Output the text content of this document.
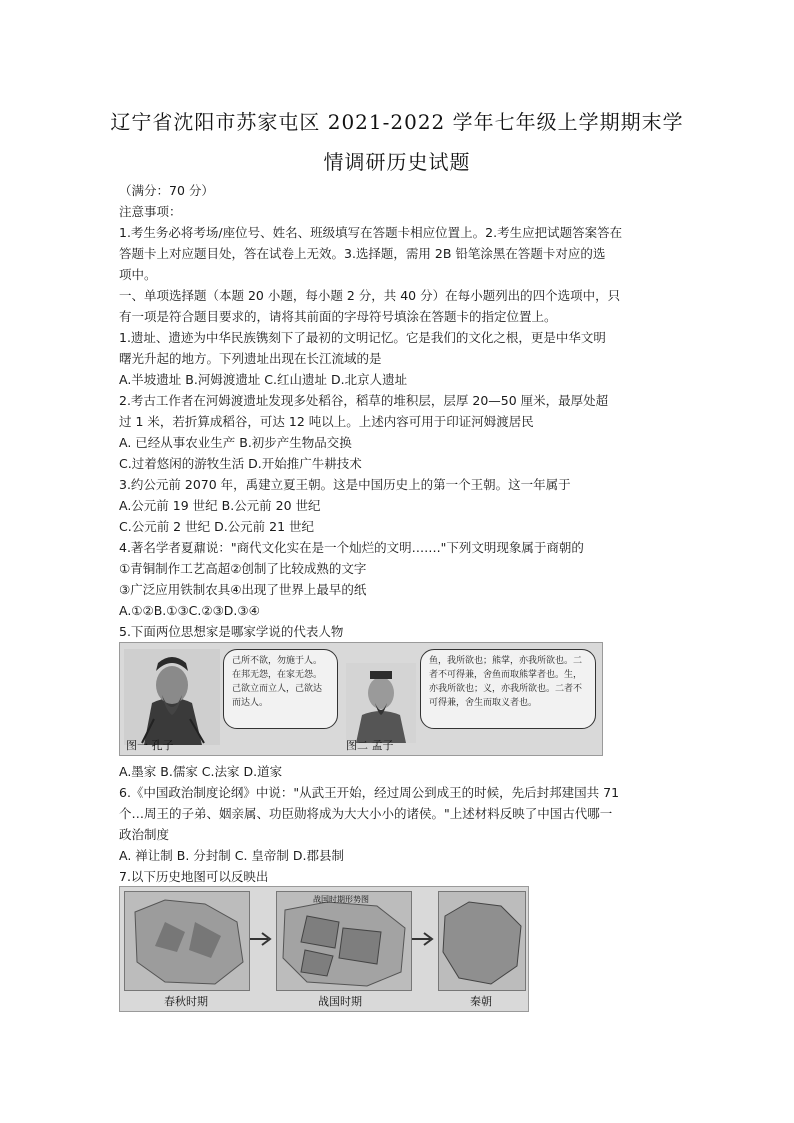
辽宁省沈阳市苏家屯区 2021-2022 学年七年级上学期期末学
情调研历史试题
（满分：70 分）
注意事项：
1.考生务必将考场/座位号、姓名、班级填写在答题卡相应位置上。2.考生应把试题答案答在
答题卡上对应题目处，答在试卷上无效。3.选择题，需用 2B 铅笔涂黑在答题卡对应的选
项中。
一、单项选择题（本题 20 小题，每小题 2 分，共 40 分）在每小题列出的四个选项中，只
有一项是符合题目要求的，请将其前面的字母符号填涂在答题卡的指定位置上。
1.遗址、遗迹为中华民族镌刻下了最初的文明记忆。它是我们的文化之根，更是中华文明
曙光升起的地方。下列遗址出现在长江流域的是
A.半坡遗址 B.河姆渡遗址 C.红山遗址 D.北京人遗址
2.考古工作者在河姆渡遗址发现多处稻谷，稻草的堆积层，层厚 20—50 厘米，最厚处超
过 1 米，若折算成稻谷，可达 12 吨以上。上述内容可用于印证河姆渡居民
A. 已经从事农业生产 B.初步产生物品交换
C.过着悠闲的游牧生活 D.开始推广牛耕技术
3.约公元前 2070 年，禹建立夏王朝。这是中国历史上的第一个王朝。这一年属于
A.公元前 19 世纪 B.公元前 20 世纪
C.公元前 2 世纪 D.公元前 21 世纪
4.著名学者夏鼐说："商代文化实在是一个灿烂的文明……."下列文明现象属于商朝的
①青铜制作工艺高超②创制了比较成熟的文字
③广泛应用铁制农具④出现了世界上最早的纸
A.①②B.①③C.②③D.③④
5.下面两位思想家是哪家学说的代表人物
己所不欲，勿施于人。在邦无怨，在家无怨。己欲立而立人，己欲达而达人。
图一 孔子
鱼，我所欲也；熊掌，亦我所欲也。二者不可得兼，舍鱼而取熊掌者也。生，亦我所欲也；义，亦我所欲也。二者不可得兼，舍生而取义者也。
图二 孟子
A.墨家 B.儒家 C.法家 D.道家
6.《中国政治制度论纲》中说："从武王开始，经过周公到成王的时候，先后封邦建国共 71
个…周王的子弟、姻亲属、功臣勋将成为大大小小的诸侯。"上述材料反映了中国古代哪一
政治制度
A. 禅让制 B. 分封制 C. 皇帝制 D.郡县制
7.以下历史地图可以反映出
战国时期形势图
春秋时期	战国时期	秦朝
